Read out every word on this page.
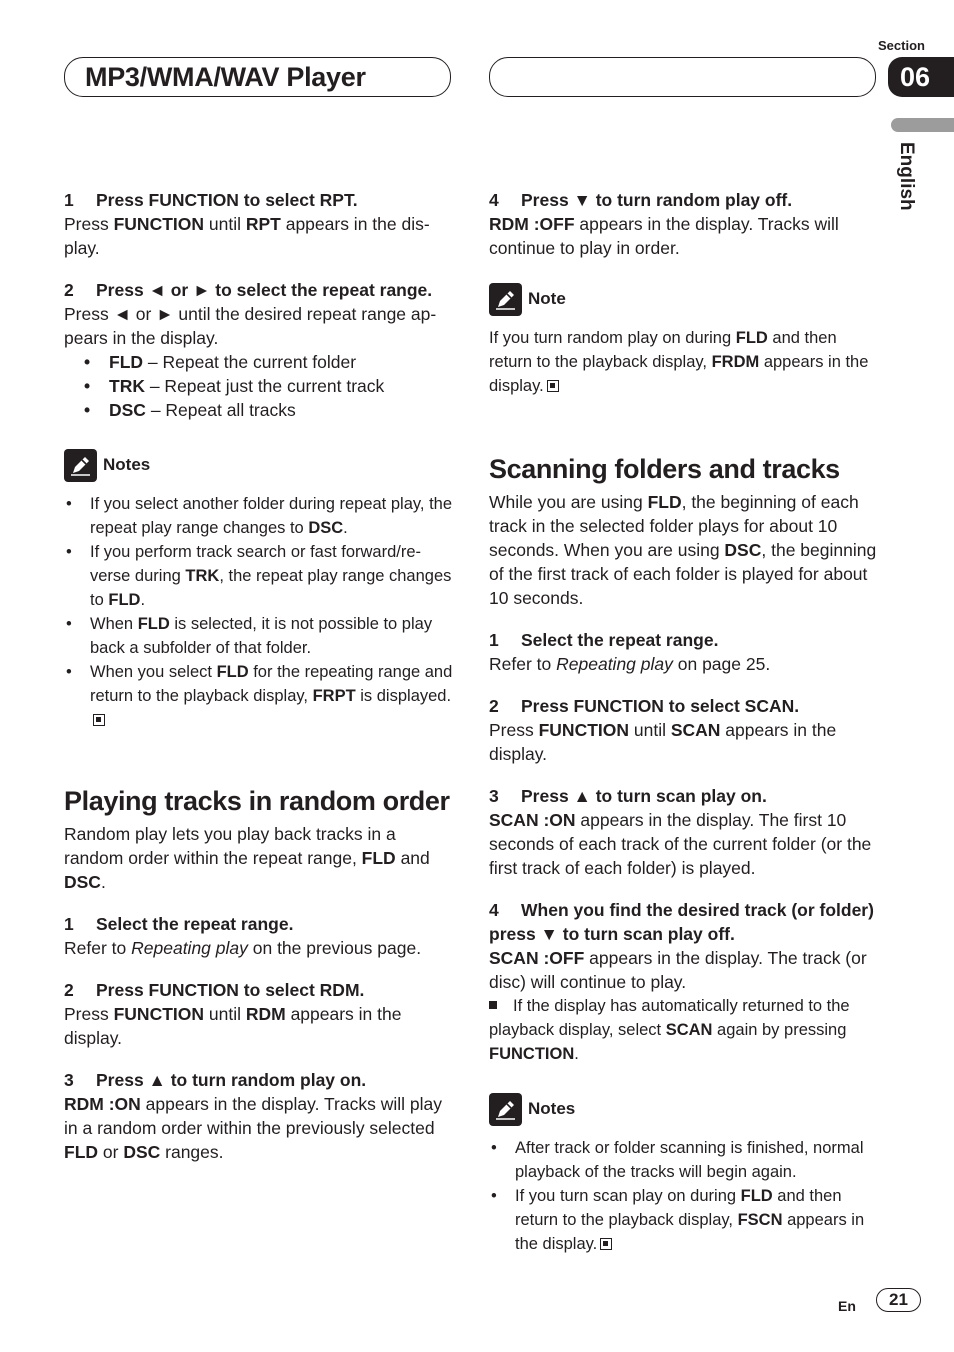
MP3/WMA/WAV Player
Section
06
English

1 Press FUNCTION to select RPT.

Press FUNCTION until RPT appears in the display.

2 Press ◄ or ► to select the repeat range.

Press ◄ or ► until the desired repeat range appears in the display.

• FLD – Repeat the current folder
• TRK – Repeat just the current track
• DSC – Repeat all tracks
Notes
• If you select another folder during repeat play, the repeat play range changes to DSC.
• If you perform track search or fast forward/reverse during TRK, the repeat play range changes to FLD.
• When FLD is selected, it is not possible to play back a subfolder of that folder.
• When you select FLD for the repeating range and return to the playback display, FRPT is displayed.

Playing tracks in random order

Random play lets you play back tracks in a random order within the repeat range, FLD and DSC.

1 Select the repeat range.

Refer to Repeating play on the previous page.

2 Press FUNCTION to select RDM.

Press FUNCTION until RDM appears in the display.

3 Press ▲ to turn random play on.

RDM :ON appears in the display. Tracks will play in a random order within the previously selected FLD or DSC ranges.

4 Press ▼ to turn random play off.

RDM :OFF appears in the display. Tracks will continue to play in order.

Note

If you turn random play on during FLD and then return to the playback display, FRDM appears in the display.

Scanning folders and tracks

While you are using FLD, the beginning of each track in the selected folder plays for about 10 seconds. When you are using DSC, the beginning of the first track of each folder is played for about 10 seconds.

1 Select the repeat range.

Refer to Repeating play on page 25.

2 Press FUNCTION to select SCAN.

Press FUNCTION until SCAN appears in the display.

3 Press ▲ to turn scan play on.

SCAN :ON appears in the display. The first 10 seconds of each track of the current folder (or the first track of each folder) is played.

4 When you find the desired track (or folder) press ▼ to turn scan play off.

SCAN :OFF appears in the display. The track (or disc) will continue to play.

If the display has automatically returned to the playback display, select SCAN again by pressing FUNCTION.

Notes
• After track or folder scanning is finished, normal playback of the tracks will begin again.
• If you turn scan play on during FLD and then return to the playback display, FSCN appears in the display.
En	21
